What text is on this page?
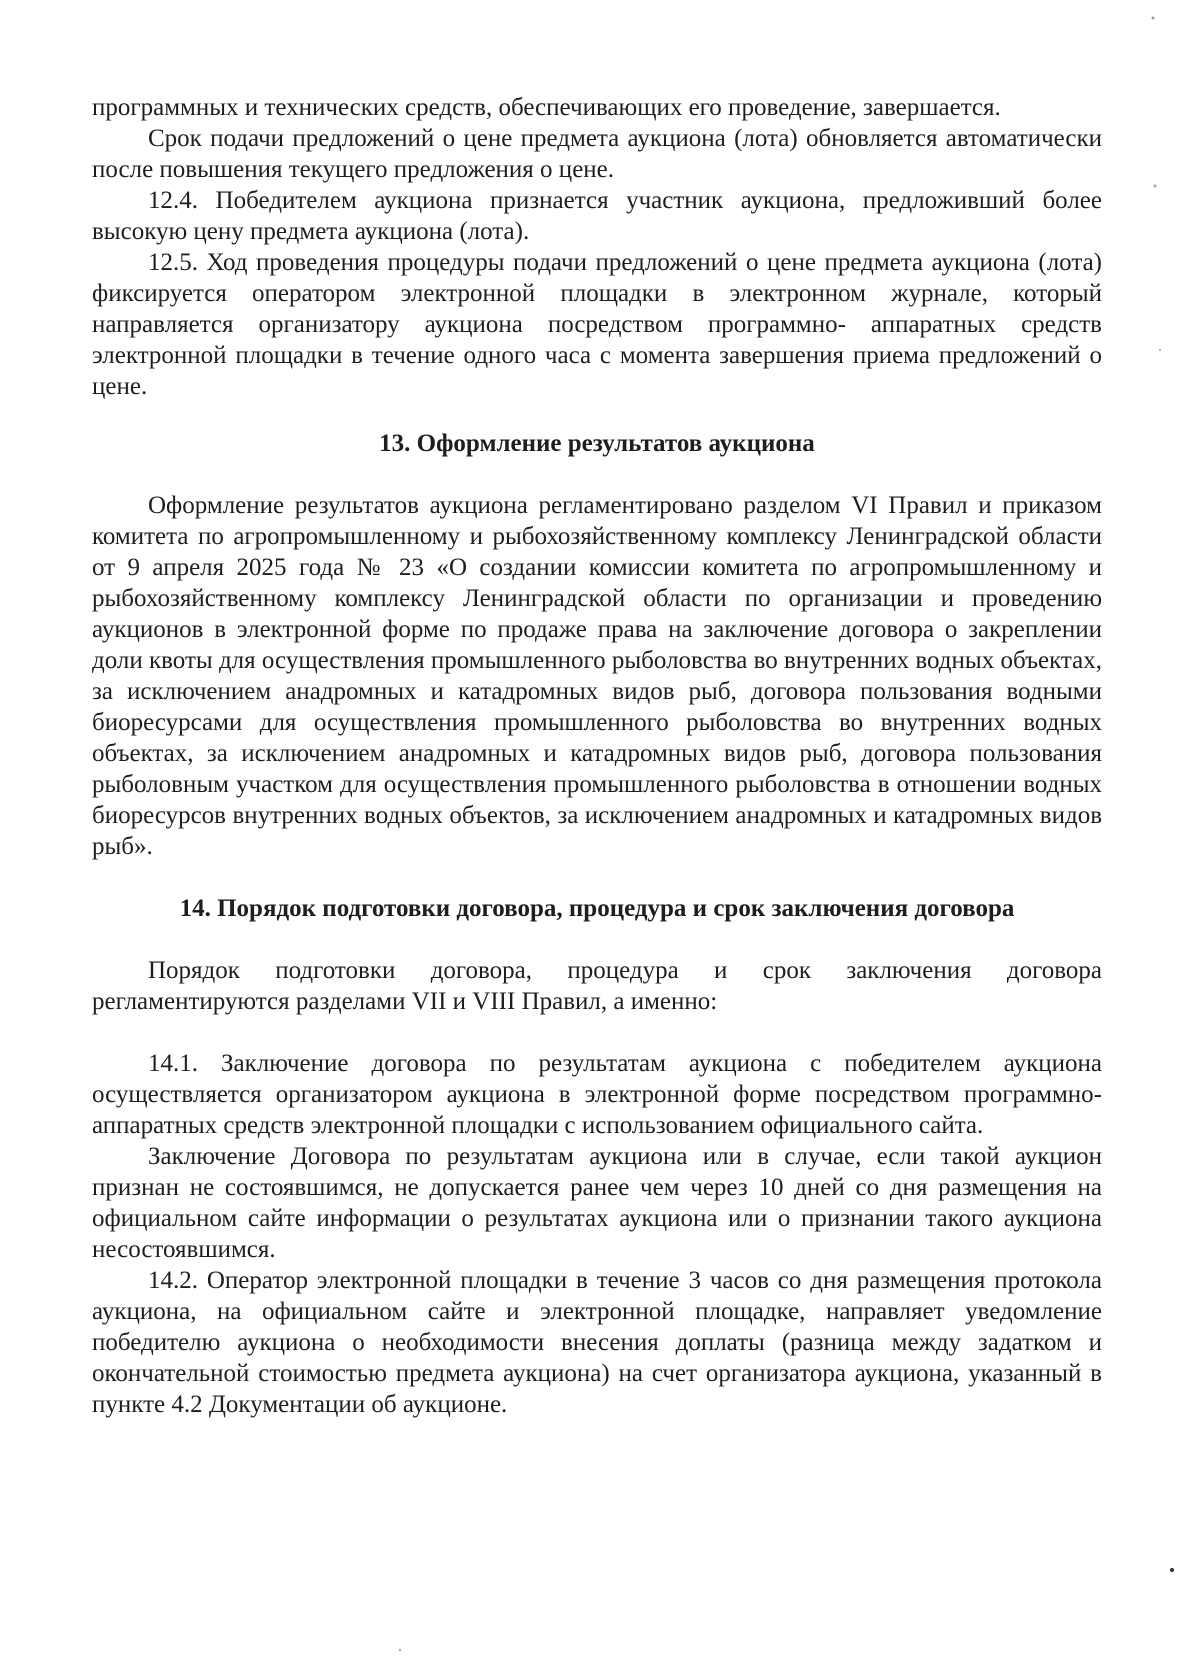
программных и технических средств, обеспечивающих его проведение, завершается.

Срок подачи предложений о цене предмета аукциона (лота) обновляется автоматически после повышения текущего предложения о цене.

12.4. Победителем аукциона признается участник аукциона, предложивший более высокую цену предмета аукциона (лота).

12.5. Ход проведения процедуры подачи предложений о цене предмета аукциона (лота) фиксируется оператором электронной площадки в электронном журнале, который направляется организатору аукциона посредством программно- аппаратных средств электронной площадки в течение одного часа с момента завершения приема предложений о цене.

13. Оформление результатов аукциона

Оформление результатов аукциона регламентировано разделом VI Правил и приказом комитета по агропромышленному и рыбохозяйственному комплексу Ленинградской области от 9 апреля 2025 года № 23 «О создании комиссии комитета по агропромышленному и рыбохозяйственному комплексу Ленинградской области по организации и проведению аукционов в электронной форме по продаже права на заключение договора о закреплении доли квоты для осуществления промышленного рыболовства во внутренних водных объектах, за исключением анадромных и катадромных видов рыб, договора пользования водными биоресурсами для осуществления промышленного рыболовства во внутренних водных объектах, за исключением анадромных и катадромных видов рыб, договора пользования рыболовным участком для осуществления промышленного рыболовства в отношении водных биоресурсов внутренних водных объектов, за исключением анадромных и катадромных видов рыб».

14. Порядок подготовки договора, процедура и срок заключения договора

Порядок подготовки договора, процедура и срок заключения договора регламентируются разделами VII и VIII Правил, а именно:

14.1. Заключение договора по результатам аукциона с победителем аукциона осуществляется организатором аукциона в электронной форме посредством программно-аппаратных средств электронной площадки с использованием официального сайта.

Заключение Договора по результатам аукциона или в случае, если такой аукцион признан не состоявшимся, не допускается ранее чем через 10 дней со дня размещения на официальном сайте информации о результатах аукциона или о признании такого аукциона несостоявшимся.

14.2. Оператор электронной площадки в течение 3 часов со дня размещения протокола аукциона, на официальном сайте и электронной площадке, направляет уведомление победителю аукциона о необходимости внесения доплаты (разница между задатком и окончательной стоимостью предмета аукциона) на счет организатора аукциона, указанный в пункте 4.2 Документации об аукционе.
